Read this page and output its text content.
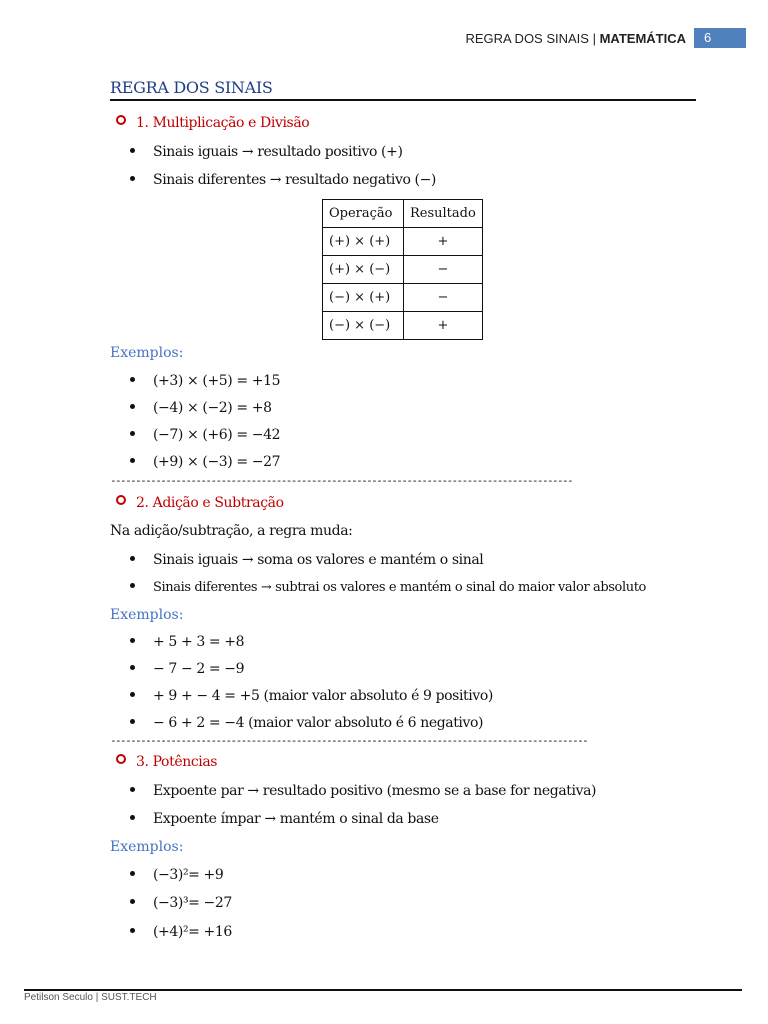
REGRA DOS SINAIS | MATEMÁTICA	6
REGRA DOS SINAIS
1. Multiplicação e Divisão
Sinais iguais → resultado positivo (+)
Sinais diferentes → resultado negativo (−)
Operação	Resultado
(+) × (+)	+
(+) × (−)	−
(−) × (+)	−
(−) × (−)	+
Exemplos:
(+3) × (+5) = +15
(−4) × (−2) = +8
(−7) × (+6) = −42
(+9) × (−3) = −27
--------------------------------------------------------------------------------------------
2. Adição e Subtração
Na adição/subtração, a regra muda:
Sinais iguais → soma os valores e mantém o sinal
Sinais diferentes → subtrai os valores e mantém o sinal do maior valor absoluto
Exemplos:
+ 5 + 3 = +8
− 7 − 2 = −9
+ 9 + − 4 = +5 (maior valor absoluto é 9 positivo)
− 6 + 2 = −4 (maior valor absoluto é 6 negativo)
-----------------------------------------------------------------------------------------------
3. Potências
Expoente par → resultado positivo (mesmo se a base for negativa)
Expoente ímpar → mantém o sinal da base
Exemplos:
(−3)²= +9
(−3)³= −27
(+4)²= +16
Petilson Seculo | SUST.TECH
